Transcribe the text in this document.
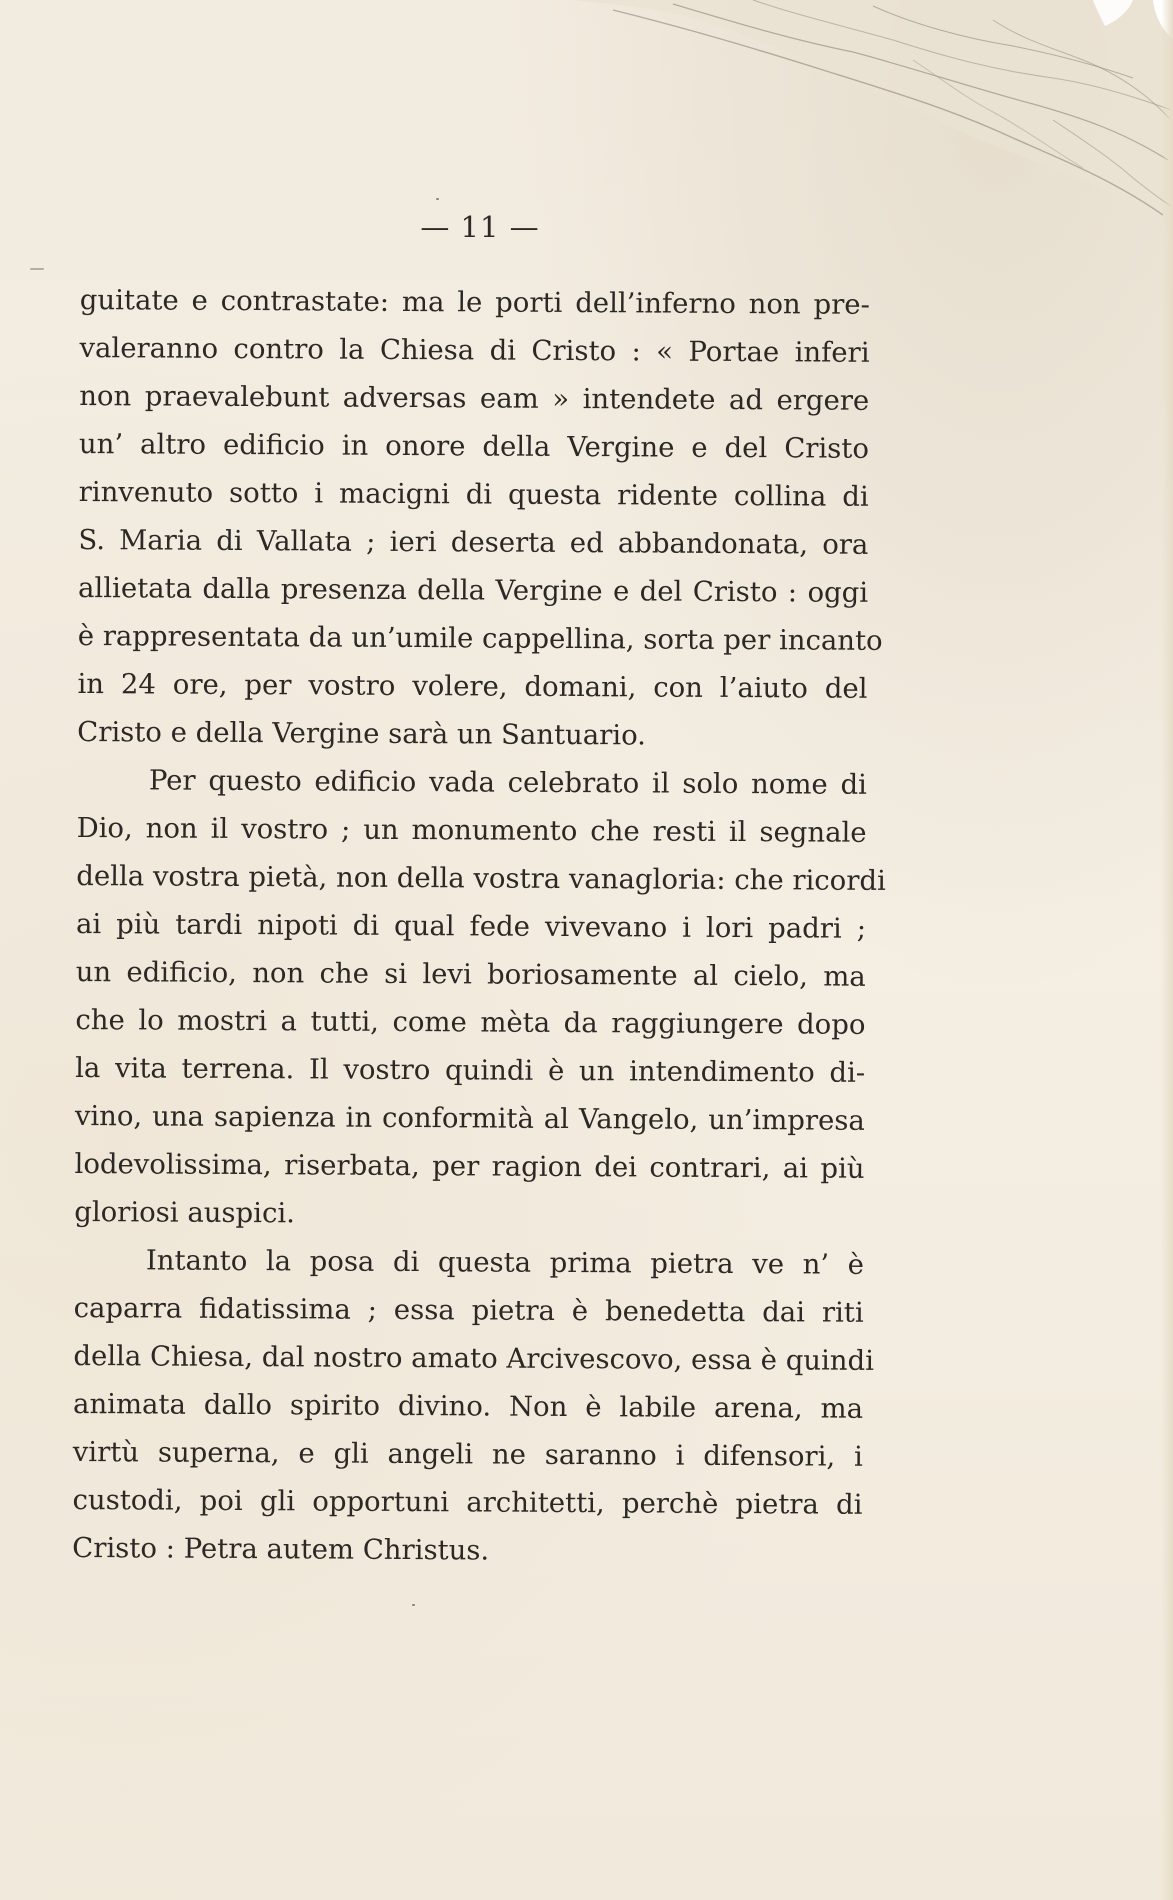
— 11 —
guitate e contrastate: ma le porti dell’inferno non pre-
valeranno contro la Chiesa di Cristo : « Portae inferi
non praevalebunt adversas eam » intendete ad ergere
un’ altro edificio in onore della Vergine e del Cristo
rinvenuto sotto i macigni di questa ridente collina di
S. Maria di Vallata ; ieri deserta ed abbandonata, ora
allietata dalla presenza della Vergine e del Cristo : oggi
è rappresentata da un’umile cappellina, sorta per incanto
in 24 ore, per vostro volere, domani, con l’aiuto del
Cristo e della Vergine sarà un Santuario.
Per questo edificio vada celebrato il solo nome di
Dio, non il vostro ; un monumento che resti il segnale
della vostra pietà, non della vostra vanagloria: che ricordi
ai più tardi nipoti di qual fede vivevano i lori padri ;
un edificio, non che si levi boriosamente al cielo, ma
che lo mostri a tutti, come mèta da raggiungere dopo
la vita terrena. Il vostro quindi è un intendimento di-
vino, una sapienza in conformità al Vangelo, un’impresa
lodevolissima, riserbata, per ragion dei contrari, ai più
gloriosi auspici.
Intanto la posa di questa prima pietra ve n’ è
caparra fidatissima ; essa pietra è benedetta dai riti
della Chiesa, dal nostro amato Arcivescovo, essa è quindi
animata dallo spirito divino. Non è labile arena, ma
virtù superna, e gli angeli ne saranno i difensori, i
custodi, poi gli opportuni architetti, perchè pietra di
Cristo : Petra autem Christus.
